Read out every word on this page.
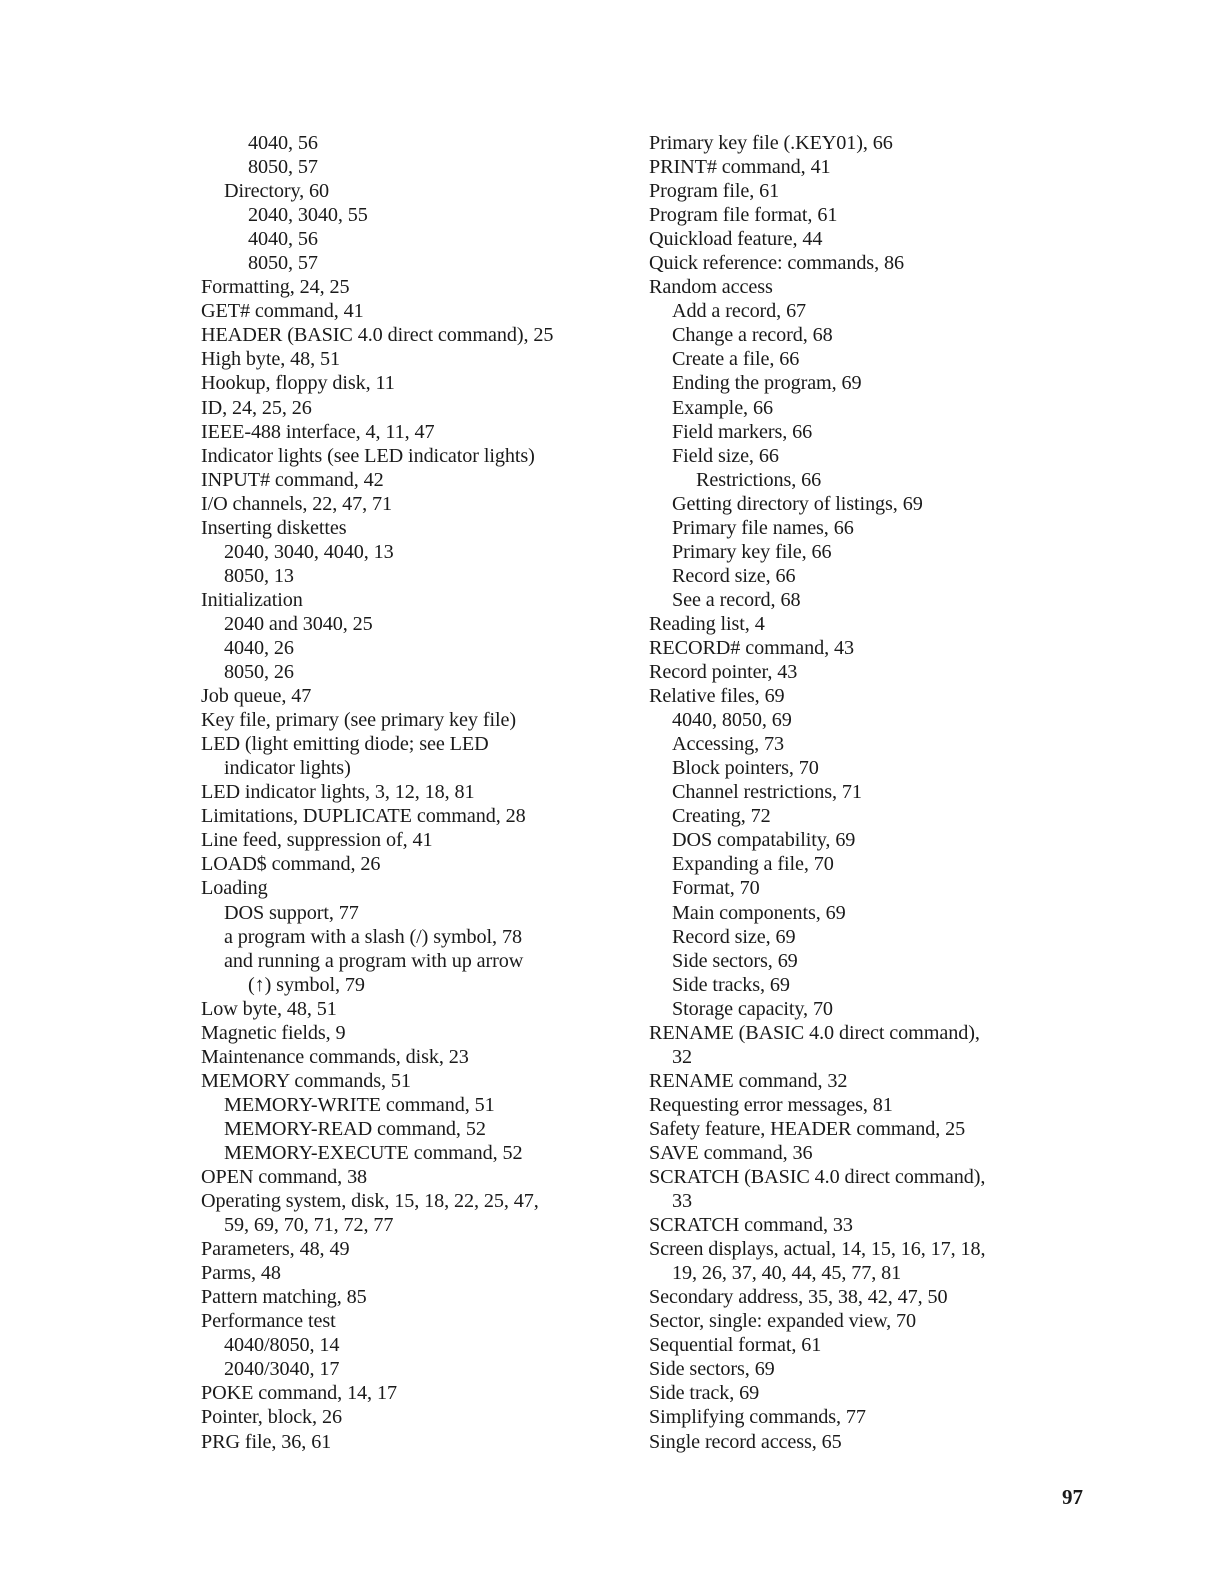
4040, 56
8050, 57
Directory, 60
2040, 3040, 55
4040, 56
8050, 57
Formatting, 24, 25
GET# command, 41
HEADER (BASIC 4.0 direct command), 25
High byte, 48, 51
Hookup, floppy disk, 11
ID, 24, 25, 26
IEEE-488 interface, 4, 11, 47
Indicator lights (see LED indicator lights)
INPUT# command, 42
I/O channels, 22, 47, 71
Inserting diskettes
2040, 3040, 4040, 13
8050, 13
Initialization
2040 and 3040, 25
4040, 26
8050, 26
Job queue, 47
Key file, primary (see primary key file)
LED (light emitting diode; see LED
indicator lights)
LED indicator lights, 3, 12, 18, 81
Limitations, DUPLICATE command, 28
Line feed, suppression of, 41
LOAD$ command, 26
Loading
DOS support, 77
a program with a slash (/) symbol, 78
and running a program with up arrow
(↑) symbol, 79
Low byte, 48, 51
Magnetic fields, 9
Maintenance commands, disk, 23
MEMORY commands, 51
MEMORY-WRITE command, 51
MEMORY-READ command, 52
MEMORY-EXECUTE command, 52
OPEN command, 38
Operating system, disk, 15, 18, 22, 25, 47,
59, 69, 70, 71, 72, 77
Parameters, 48, 49
Parms, 48
Pattern matching, 85
Performance test
4040/8050, 14
2040/3040, 17
POKE command, 14, 17
Pointer, block, 26
PRG file, 36, 61
Primary key file (.KEY01), 66
PRINT# command, 41
Program file, 61
Program file format, 61
Quickload feature, 44
Quick reference: commands, 86
Random access
Add a record, 67
Change a record, 68
Create a file, 66
Ending the program, 69
Example, 66
Field markers, 66
Field size, 66
Restrictions, 66
Getting directory of listings, 69
Primary file names, 66
Primary key file, 66
Record size, 66
See a record, 68
Reading list, 4
RECORD# command, 43
Record pointer, 43
Relative files, 69
4040, 8050, 69
Accessing, 73
Block pointers, 70
Channel restrictions, 71
Creating, 72
DOS compatability, 69
Expanding a file, 70
Format, 70
Main components, 69
Record size, 69
Side sectors, 69
Side tracks, 69
Storage capacity, 70
RENAME (BASIC 4.0 direct command),
32
RENAME command, 32
Requesting error messages, 81
Safety feature, HEADER command, 25
SAVE command, 36
SCRATCH (BASIC 4.0 direct command),
33
SCRATCH command, 33
Screen displays, actual, 14, 15, 16, 17, 18,
19, 26, 37, 40, 44, 45, 77, 81
Secondary address, 35, 38, 42, 47, 50
Sector, single: expanded view, 70
Sequential format, 61
Side sectors, 69
Side track, 69
Simplifying commands, 77
Single record access, 65
97
